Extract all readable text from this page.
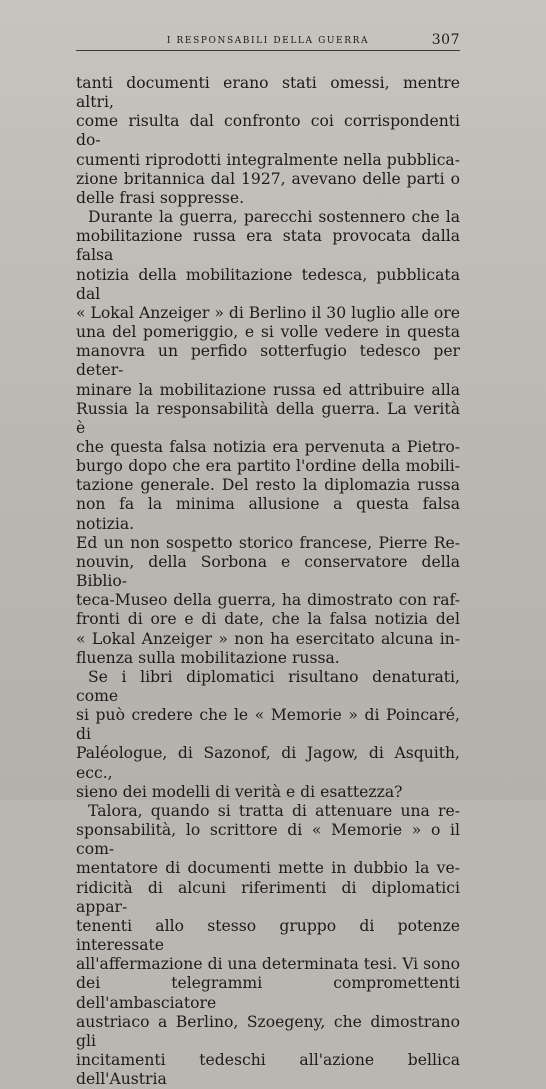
I RESPONSABILI DELLA GUERRA	307

tanti documenti erano stati omessi, mentre altri,

come risulta dal confronto coi corrispondenti do-

cumenti riprodotti integralmente nella pubblica-

zione britannica dal 1927, avevano delle parti o

delle frasi soppresse.

Durante la guerra, parecchi sostennero che la

mobilitazione russa era stata provocata dalla falsa

notizia della mobilitazione tedesca, pubblicata dal

« Lokal Anzeiger » di Berlino il 30 luglio alle ore

una del pomeriggio, e si volle vedere in questa

manovra un perfido sotterfugio tedesco per deter-

minare la mobilitazione russa ed attribuire alla

Russia la responsabilità della guerra. La verità è

che questa falsa notizia era pervenuta a Pietro-

burgo dopo che era partito l'ordine della mobili-

tazione generale. Del resto la diplomazia russa

non fa la minima allusione a questa falsa notizia.

Ed un non sospetto storico francese, Pierre Re-

nouvin, della Sorbona e conservatore della Biblio-

teca-Museo della guerra, ha dimostrato con raf-

fronti di ore e di date, che la falsa notizia del

« Lokal Anzeiger » non ha esercitato alcuna in-

fluenza sulla mobilitazione russa.

Se i libri diplomatici risultano denaturati, come

si può credere che le « Memorie » di Poincaré, di

Paléologue, di Sazonof, di Jagow, di Asquith, ecc.,

sieno dei modelli di verità e di esattezza?

Talora, quando si tratta di attenuare una re-

sponsabilità, lo scrittore di « Memorie » o il com-

mentatore di documenti mette in dubbio la ve-

ridicità di alcuni riferimenti di diplomatici appar-

tenenti allo stesso gruppo di potenze interessate

all'affermazione di una determinata tesi. Vi sono

dei telegrammi compromettenti dell'ambasciatore

austriaco a Berlino, Szoegeny, che dimostrano gli

incitamenti tedeschi all'azione bellica dell'Austria
